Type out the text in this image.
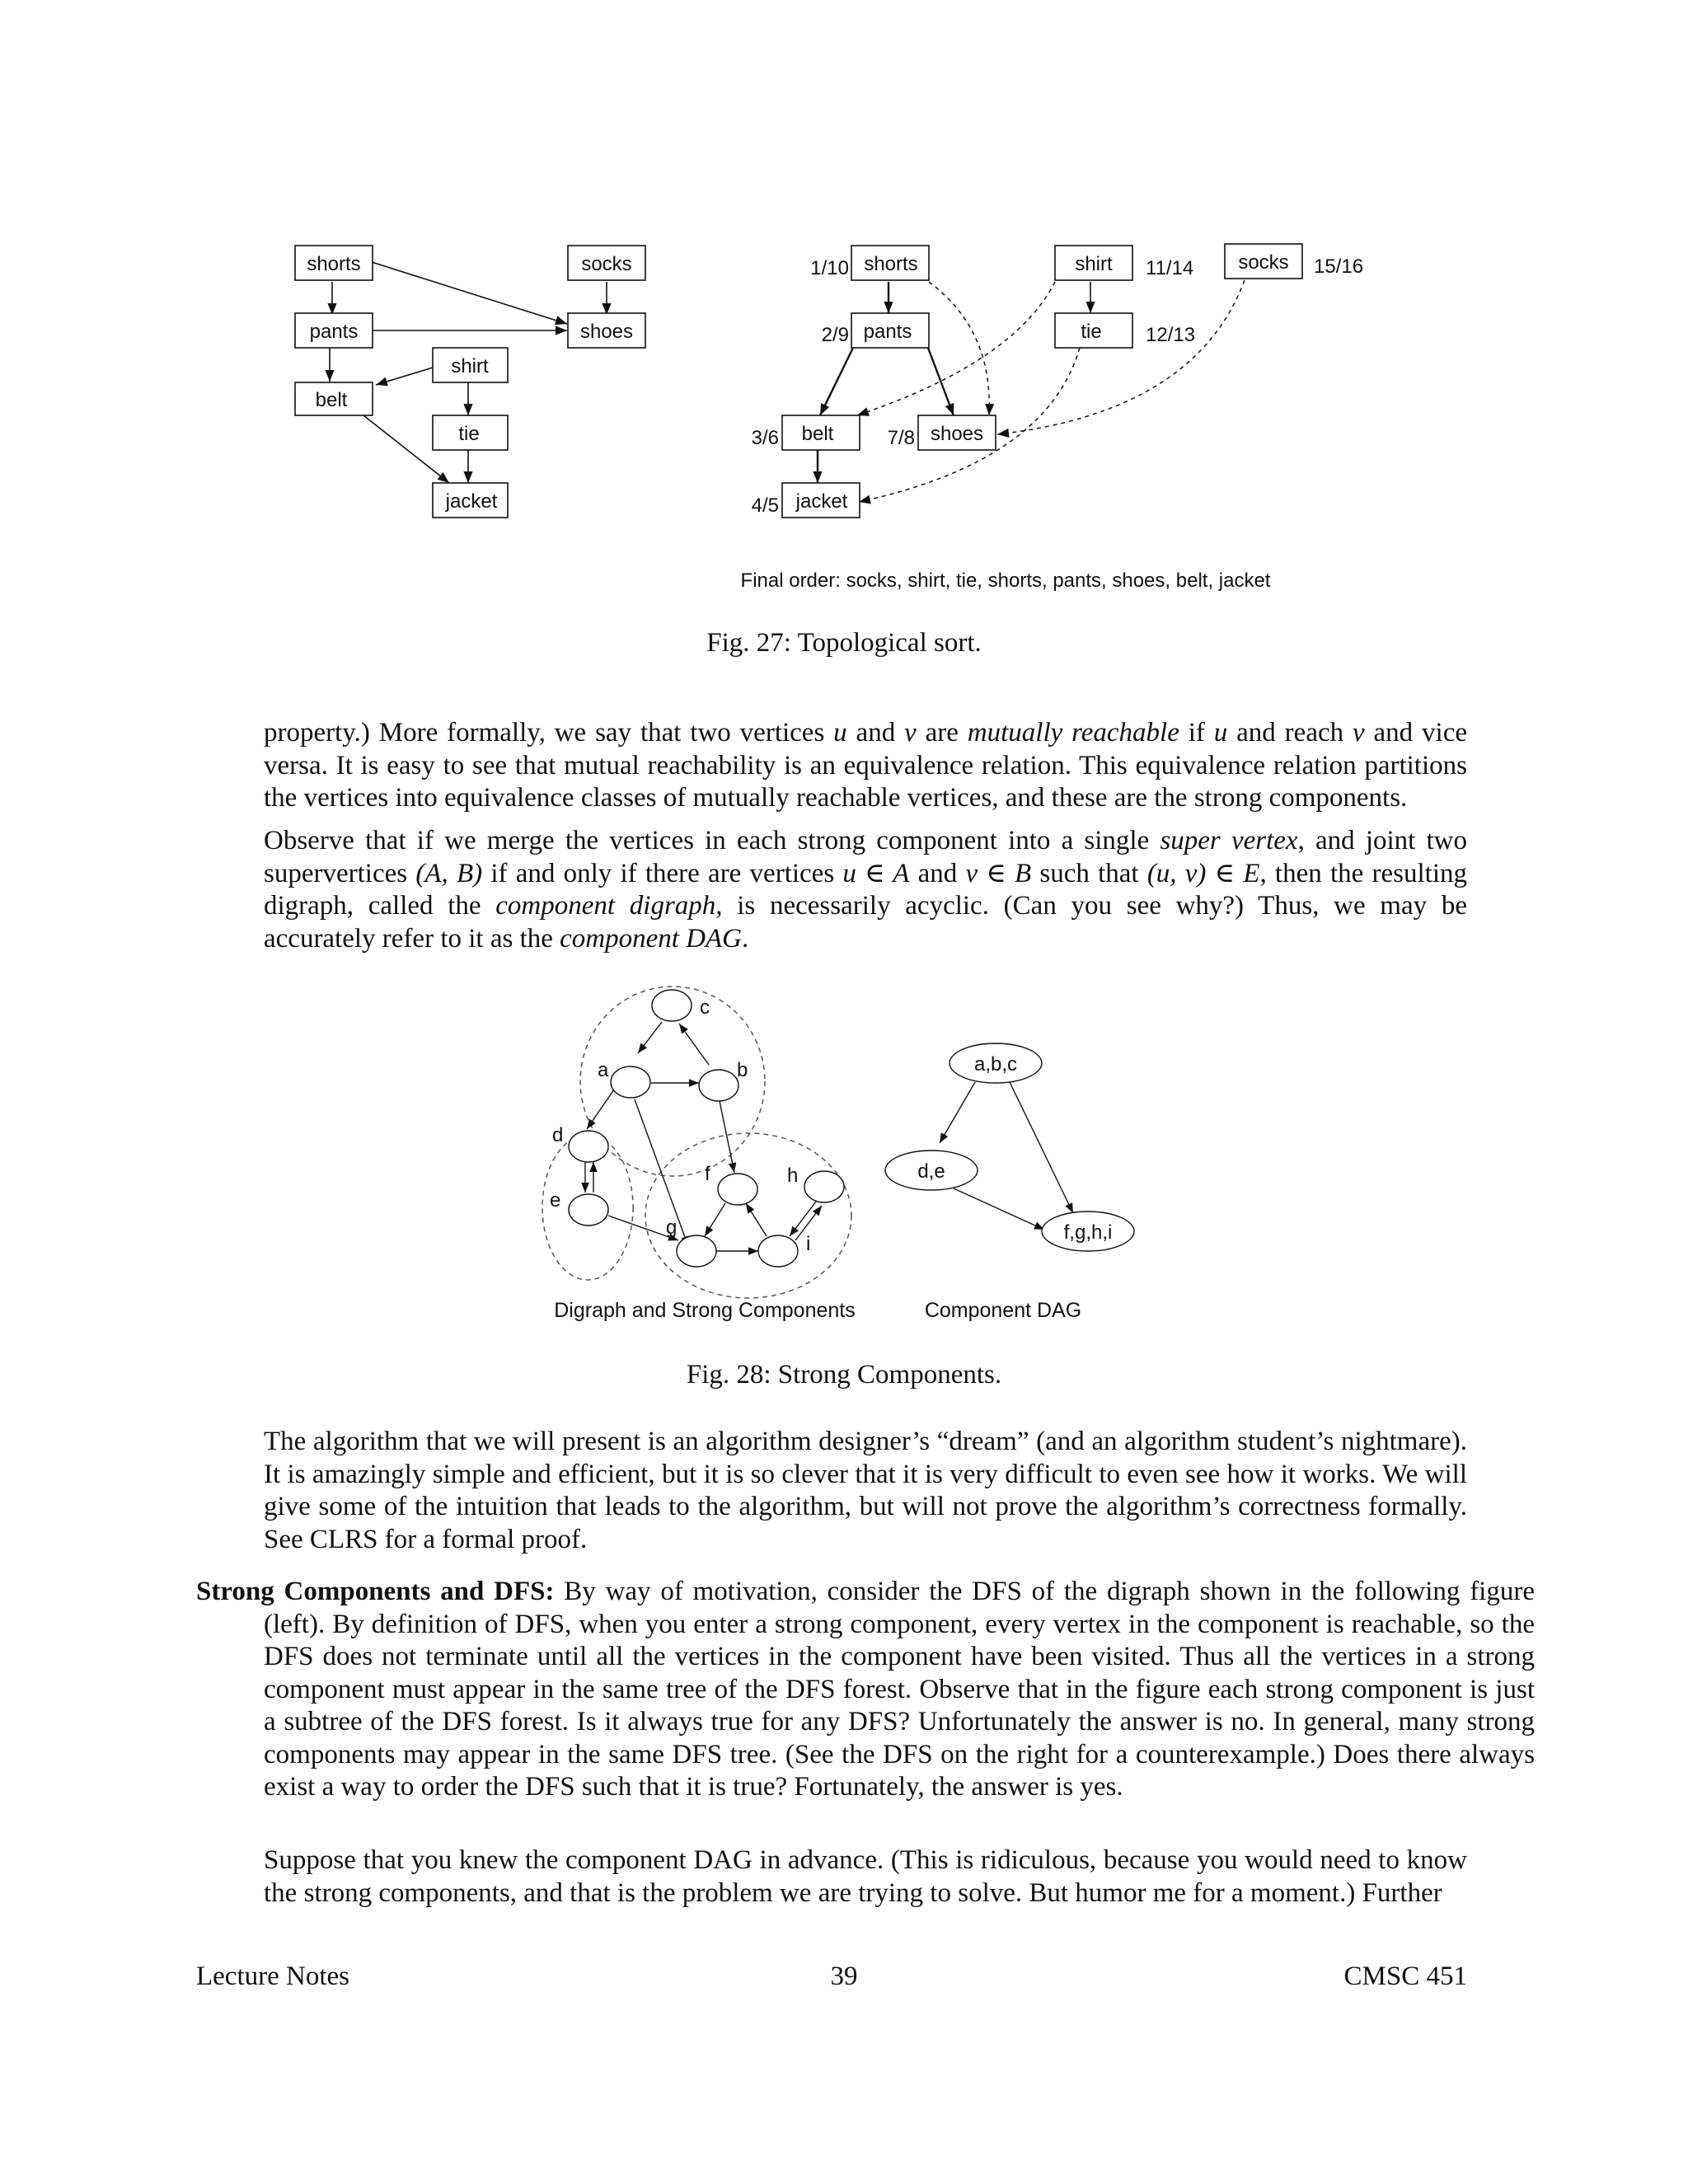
shorts	socks
pants	shoes
shirt
belt
tie
jacket
shorts
1/10	shirt 11/14 socks 15/16
pants
2/9	tie 12/13
belt
3/6	shoes
7/8
jacket
4/5
Final order: socks, shirt, tie, shorts, pants, shoes, belt, jacket
Fig. 27: Topological sort.
property.) More formally, we say that two vertices u and v are mutually reachable if u and reach v and vice versa. It is easy to see that mutual reachability is an equivalence relation. This equivalence relation partitions the vertices into equivalence classes of mutually reachable vertices, and these are the strong components.
Observe that if we merge the vertices in each strong component into a single super vertex, and joint two supervertices (A, B) if and only if there are vertices u ∈ A and v ∈ B such that (u, v) ∈ E, then the resulting digraph, called the component digraph, is necessarily acyclic. (Can you see why?) Thus, we may be accurately refer to it as the component DAG.
c
a	b
d
e
f	h
g
i
a,b,c
d,e
f,g,h,i
Digraph and Strong Components	Component DAG
Fig. 28: Strong Components.
The algorithm that we will present is an algorithm designer’s “dream” (and an algorithm student’s nightmare). It is amazingly simple and efficient, but it is so clever that it is very difficult to even see how it works. We will give some of the intuition that leads to the algorithm, but will not prove the algorithm’s correctness formally. See CLRS for a formal proof.
Strong Components and DFS: By way of motivation, consider the DFS of the digraph shown in the following figure (left). By definition of DFS, when you enter a strong component, every vertex in the component is reachable, so the DFS does not terminate until all the vertices in the component have been visited. Thus all the vertices in a strong component must appear in the same tree of the DFS forest. Observe that in the figure each strong component is just a subtree of the DFS forest. Is it always true for any DFS? Unfortunately the answer is no. In general, many strong components may appear in the same DFS tree. (See the DFS on the right for a counterexample.) Does there always exist a way to order the DFS such that it is true? Fortunately, the answer is yes.
Suppose that you knew the component DAG in advance. (This is ridiculous, because you would need to know the strong components, and that is the problem we are trying to solve. But humor me for a moment.) Further
Lecture Notes	39	CMSC 451
